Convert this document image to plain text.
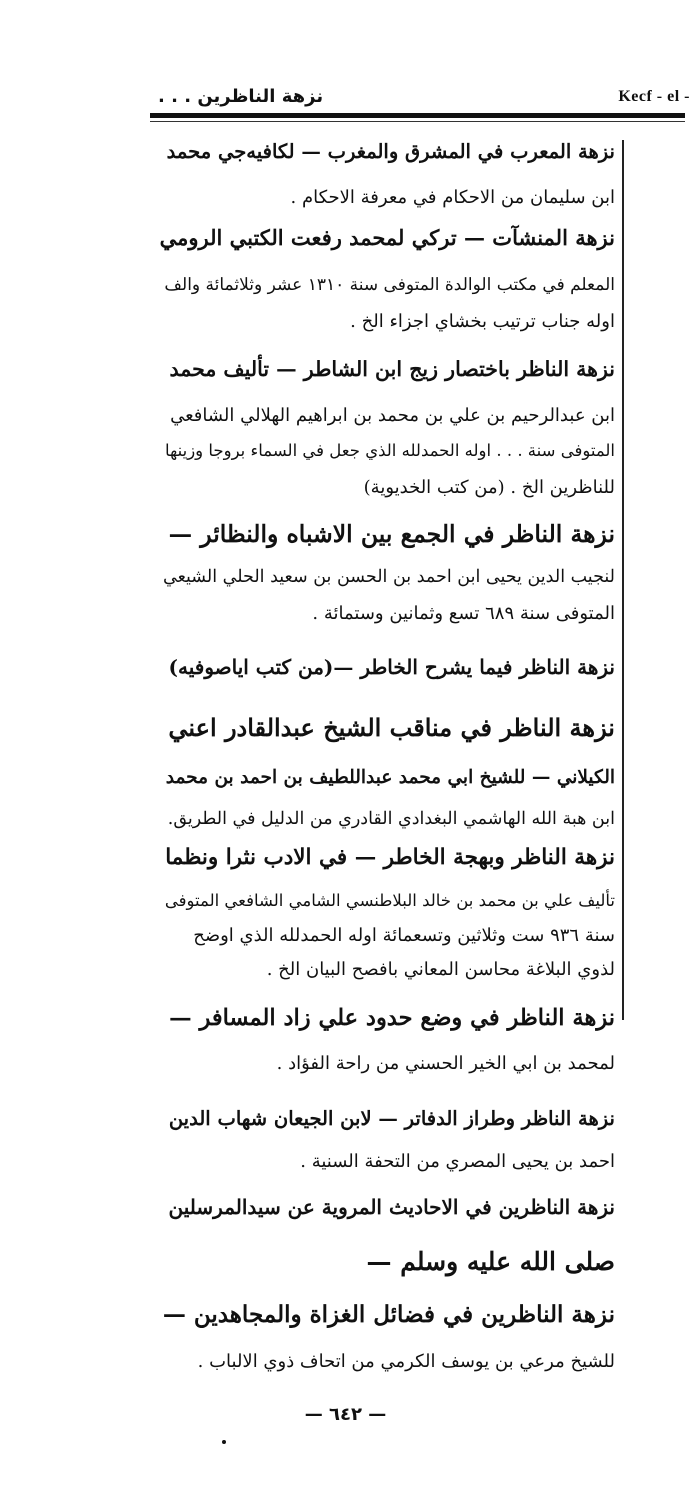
نزهة الناظرين . . .	Kecf - el -
نزهة المعرب في المشرق والمغرب — لكافيه‌جي محمد
ابن سليمان من الاحكام في معرفة الاحكام .
نزهة المنشآت — تركي لمحمد رفعت الكتبي الرومي
المعلم في مكتب الوالدة المتوفى سنة ١٣١٠ عشر وثلاثمائة والف
اوله جناب ترتيب بخشاي اجزاء الخ .
نزهة الناظر باختصار زيج ابن الشاطر — تأليف محمد
ابن عبدالرحيم بن علي بن محمد بن ابراهيم الهلالي الشافعي
المتوفى سنة . . . اوله الحمدلله الذي جعل في السماء بروجا وزينها
للناظرين الخ . (من كتب الخديوية)
نزهة الناظر في الجمع بين الاشباه والنظائر —
لنجيب الدين يحيى ابن احمد بن الحسن بن سعيد الحلي الشيعي
المتوفى سنة ٦٨٩ تسع وثمانين وستمائة .
نزهة الناظر فيما يشرح الخاطر —(من كتب اياصوفيه)
نزهة الناظر في مناقب الشيخ عبدالقادر اعني
الكيلاني — للشيخ ابي محمد عبداللطيف بن احمد بن محمد
ابن هبة الله الهاشمي البغدادي القادري من الدليل في الطريق.
نزهة الناظر وبهجة الخاطر — في الادب نثرا ونظما
تأليف علي بن محمد بن خالد البلاطنسي الشامي الشافعي المتوفى
سنة ٩٣٦ ست وثلاثين وتسعمائة اوله الحمدلله الذي اوضح
لذوي البلاغة محاسن المعاني بافصح البيان الخ .
نزهة الناظر في وضع حدود علي زاد المسافر —
لمحمد بن ابي الخير الحسني من راحة الفؤاد .
نزهة الناظر وطراز الدفاتر — لابن الجيعان شهاب الدين
احمد بن يحيى المصري من التحفة السنية .
نزهة الناظرين في الاحاديث المروية عن سيدالمرسلين
صلى الله عليه وسلم —
نزهة الناظرين في فضائل الغزاة والمجاهدين —
للشيخ مرعي بن يوسف الكرمي من اتحاف ذوي الالباب .
— ٦٤٢ —
